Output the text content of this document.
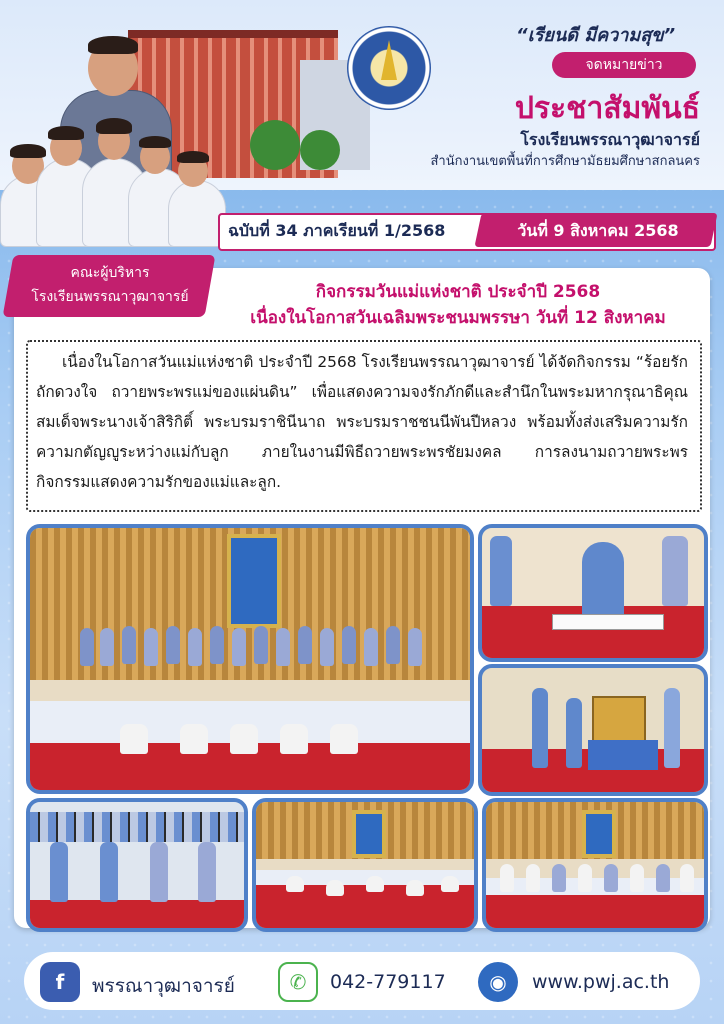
“เรียนดี มีความสุข”
จดหมายข่าว
ประชาสัมพันธ์
โรงเรียนพรรณาวุฒาจารย์
สำนักงานเขตพื้นที่การศึกษามัธยมศึกษาสกลนคร
ฉบับที่ 34 ภาคเรียนที่ 1/2568	วันที่ 9 สิงหาคม 2568
คณะผู้บริหาร
โรงเรียนพรรณาวุฒาจารย์	กิจกรรมวันแม่แห่งชาติ ประจำปี 2568
เนื่องในโอกาสวันเฉลิมพระชนมพรรษา วันที่ 12 สิงหาคม
เนื่องในโอกาสวันแม่แห่งชาติ ประจำปี 2568 โรงเรียนพรรณาวุฒาจารย์ ได้จัดกิจกรรม “ร้อยรัก ถักดวงใจ ถวายพระพรแม่ของแผ่นดิน” เพื่อแสดงความจงรักภักดีและสำนึกในพระมหากรุณาธิคุณ สมเด็จพระนางเจ้าสิริกิติ์ พระบรมราชินีนาถ พระบรมราชชนนีพันปีหลวง พร้อมทั้งส่งเสริมความรัก ความกตัญญูระหว่างแม่กับลูก ภายในงานมีพิธีถวายพระพรชัยมงคล การลงนามถวายพระพร กิจกรรมแสดงความรักของแม่และลูก.
f	พรรณาวุฒาจารย์	✆	042-779117	◉	www.pwj.ac.th
